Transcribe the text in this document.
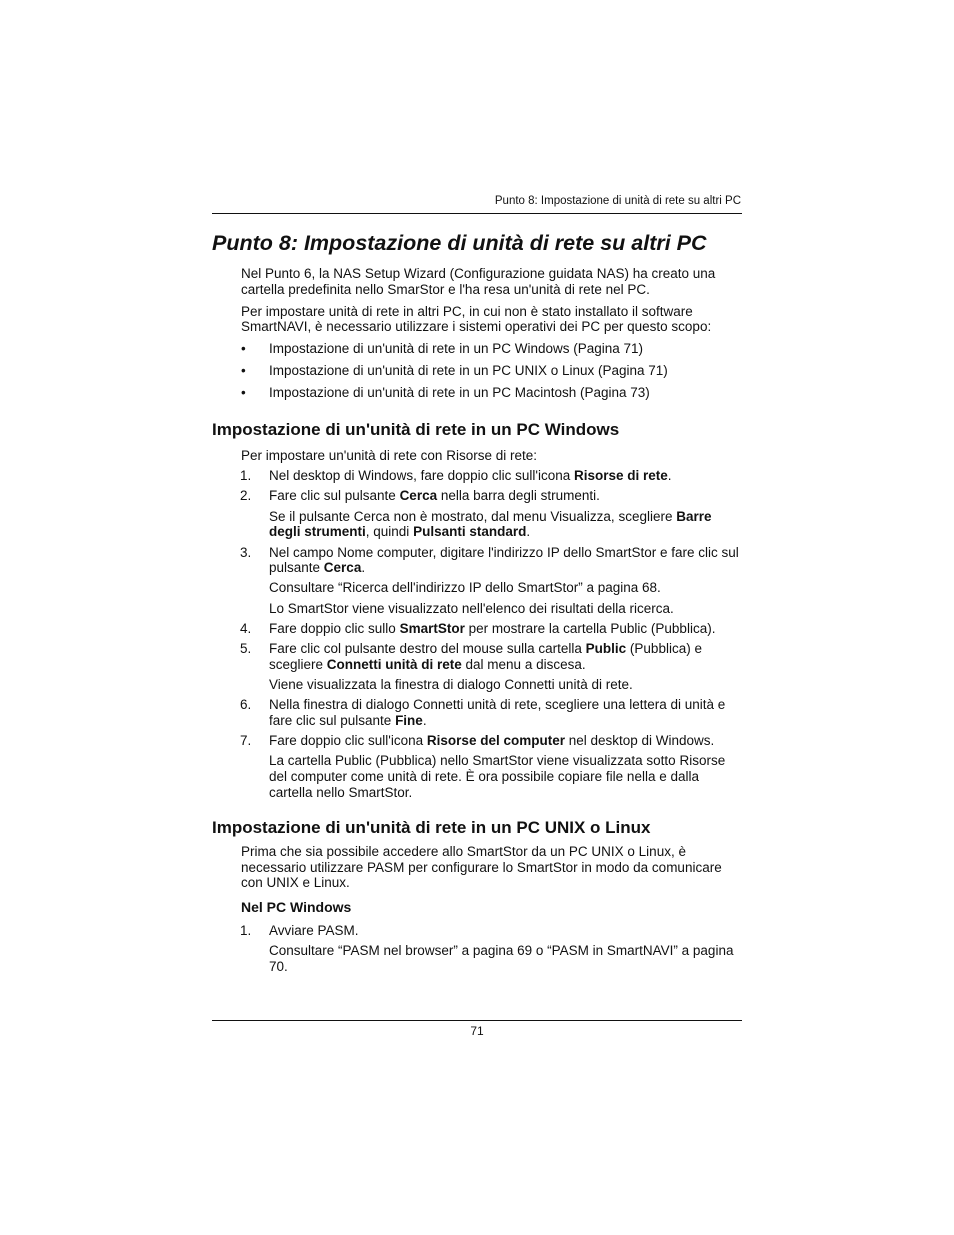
Punto 8: Impostazione di unità di rete su altri PC
Punto 8: Impostazione di unità di rete su altri PC

Nel Punto 6, la NAS Setup Wizard (Configurazione guidata NAS) ha creato una cartella predefinita nello SmarStor e l'ha resa un'unità di rete nel PC.

Per impostare unità di rete in altri PC, in cui non è stato installato il software SmartNAVI, è necessario utilizzare i sistemi operativi dei PC per questo scopo:

• Impostazione di un'unità di rete in un PC Windows (Pagina 71)
• Impostazione di un'unità di rete in un PC UNIX o Linux (Pagina 71)
• Impostazione di un'unità di rete in un PC Macintosh (Pagina 73)
Impostazione di un'unità di rete in un PC Windows

Per impostare un'unità di rete con Risorse di rete:

1. Nel desktop di Windows, fare doppio clic sull'icona Risorse di rete.
2. Fare clic sul pulsante Cerca nella barra degli strumenti.

Se il pulsante Cerca non è mostrato, dal menu Visualizza, scegliere Barre degli strumenti, quindi Pulsanti standard.

3. Nel campo Nome computer, digitare l'indirizzo IP dello SmartStor e fare clic sul pulsante Cerca.

Consultare “Ricerca dell'indirizzo IP dello SmartStor” a pagina 68.

Lo SmartStor viene visualizzato nell'elenco dei risultati della ricerca.

4. Fare doppio clic sullo SmartStor per mostrare la cartella Public (Pubblica).
5. Fare clic col pulsante destro del mouse sulla cartella Public (Pubblica) e scegliere Connetti unità di rete dal menu a discesa.

Viene visualizzata la finestra di dialogo Connetti unità di rete.

6. Nella finestra di dialogo Connetti unità di rete, scegliere una lettera di unità e fare clic sul pulsante Fine.
7. Fare doppio clic sull'icona Risorse del computer nel desktop di Windows.

La cartella Public (Pubblica) nello SmartStor viene visualizzata sotto Risorse del computer come unità di rete. È ora possibile copiare file nella e dalla cartella nello SmartStor.

Impostazione di un'unità di rete in un PC UNIX o Linux

Prima che sia possibile accedere allo SmartStor da un PC UNIX o Linux, è necessario utilizzare PASM per configurare lo SmartStor in modo da comunicare con UNIX e Linux.

Nel PC Windows
1. Avviare PASM.

Consultare “PASM nel browser” a pagina 69 o “PASM in SmartNAVI” a pagina 70.

71
